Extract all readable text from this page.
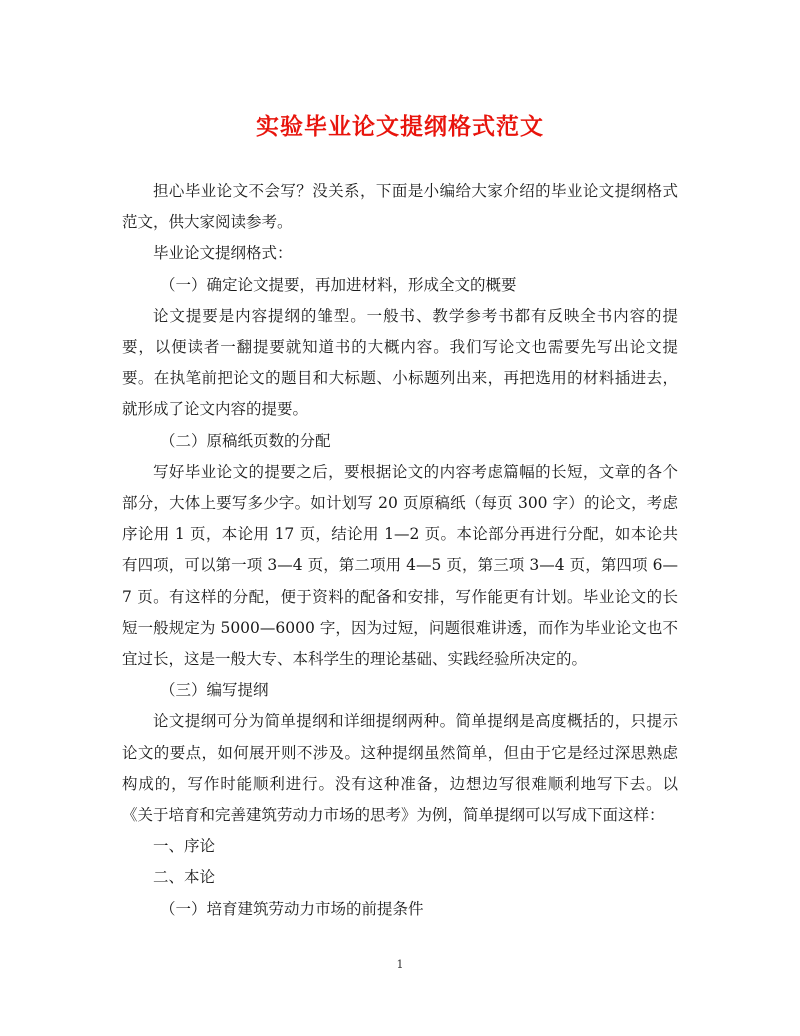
实验毕业论文提纲格式范文

担心毕业论文不会写？没关系，下面是小编给大家介绍的毕业论文提纲格式范文，供大家阅读参考。

毕业论文提纲格式：

（一）确定论文提要，再加进材料，形成全文的概要

论文提要是内容提纲的雏型。一般书、教学参考书都有反映全书内容的提要，以便读者一翻提要就知道书的大概内容。我们写论文也需要先写出论文提要。在执笔前把论文的题目和大标题、小标题列出来，再把选用的材料插进去，就形成了论文内容的提要。

（二）原稿纸页数的分配

写好毕业论文的提要之后，要根据论文的内容考虑篇幅的长短，文章的各个部分，大体上要写多少字。如计划写 20 页原稿纸（每页 300 字）的论文，考虑序论用 1 页，本论用 17 页，结论用 1—2 页。本论部分再进行分配，如本论共有四项，可以第一项 3—4 页，第二项用 4—5 页，第三项 3—4 页，第四项 6—7 页。有这样的分配，便于资料的配备和安排，写作能更有计划。毕业论文的长短一般规定为 5000—6000 字，因为过短，问题很难讲透，而作为毕业论文也不宜过长，这是一般大专、本科学生的理论基础、实践经验所决定的。

（三）编写提纲

论文提纲可分为简单提纲和详细提纲两种。简单提纲是高度概括的，只提示论文的要点，如何展开则不涉及。这种提纲虽然简单，但由于它是经过深思熟虑构成的，写作时能顺利进行。没有这种准备，边想边写很难顺利地写下去。以《关于培育和完善建筑劳动力市场的思考》为例，简单提纲可以写成下面这样：

一、序论

二、本论

（一）培育建筑劳动力市场的前提条件

1
